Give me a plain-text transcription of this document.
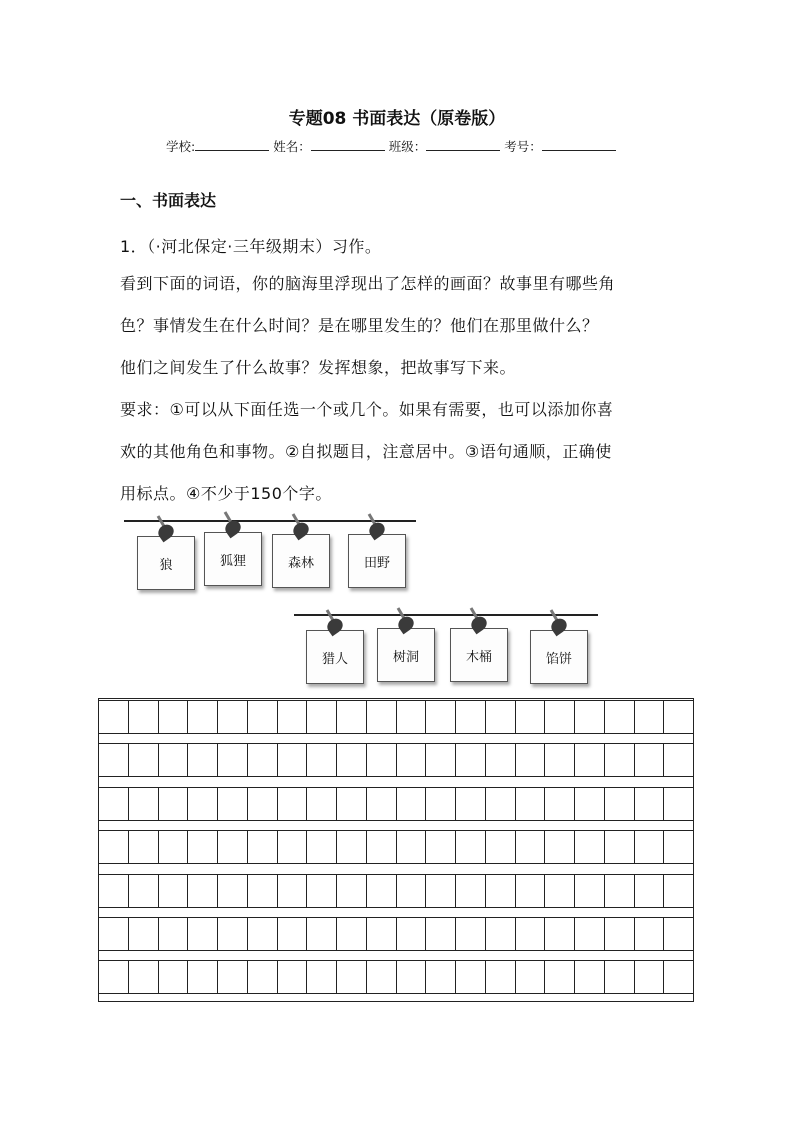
专题08 书面表达（原卷版）
学校:	姓名：	班级：	考号：
一、书面表达
1．（·河北保定·三年级期末）习作。
看到下面的词语，你的脑海里浮现出了怎样的画面？故事里有哪些角
色？事情发生在什么时间？是在哪里发生的？他们在那里做什么？
他们之间发生了什么故事？发挥想象，把故事写下来。
要求：①可以从下面任选一个或几个。如果有需要，也可以添加你喜
欢的其他角色和事物。②自拟题目，注意居中。③语句通顺，正确使
用标点。④不少于150个字。
狼	狐狸	森林	田野
猎人	树洞	木桶	馅饼
